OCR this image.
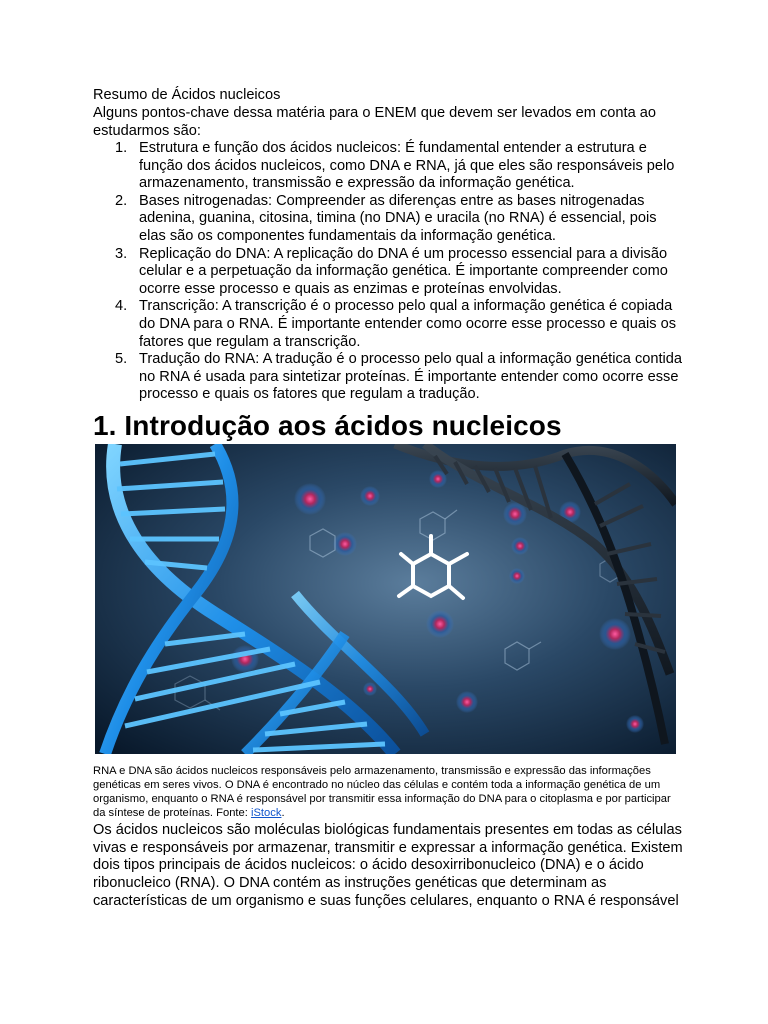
Resumo de Ácidos nucleicos

Alguns pontos-chave dessa matéria para o ENEM que devem ser levados em conta ao estudarmos são:

1. Estrutura e função dos ácidos nucleicos: É fundamental entender a estrutura e função dos ácidos nucleicos, como DNA e RNA, já que eles são responsáveis pelo armazenamento, transmissão e expressão da informação genética.
2. Bases nitrogenadas: Compreender as diferenças entre as bases nitrogenadas adenina, guanina, citosina, timina (no DNA) e uracila (no RNA) é essencial, pois elas são os componentes fundamentais da informação genética.
3. Replicação do DNA: A replicação do DNA é um processo essencial para a divisão celular e a perpetuação da informação genética. É importante compreender como ocorre esse processo e quais as enzimas e proteínas envolvidas.
4. Transcrição: A transcrição é o processo pelo qual a informação genética é copiada do DNA para o RNA. É importante entender como ocorre esse processo e quais os fatores que regulam a transcrição.
5. Tradução do RNA: A tradução é o processo pelo qual a informação genética contida no RNA é usada para sintetizar proteínas. É importante entender como ocorre esse processo e quais os fatores que regulam a tradução.
1. Introdução aos ácidos nucleicos

RNA e DNA são ácidos nucleicos responsáveis pelo armazenamento, transmissão e expressão das informações genéticas em seres vivos. O DNA é encontrado no núcleo das células e contém toda a informação genética de um organismo, enquanto o RNA é responsável por transmitir essa informação do DNA para o citoplasma e por participar da síntese de proteínas. Fonte: iStock.

Os ácidos nucleicos são moléculas biológicas fundamentais presentes em todas as células vivas e responsáveis por armazenar, transmitir e expressar a informação genética. Existem dois tipos principais de ácidos nucleicos: o ácido desoxirribonucleico (DNA) e o ácido ribonucleico (RNA). O DNA contém as instruções genéticas que determinam as características de um organismo e suas funções celulares, enquanto o RNA é responsável
